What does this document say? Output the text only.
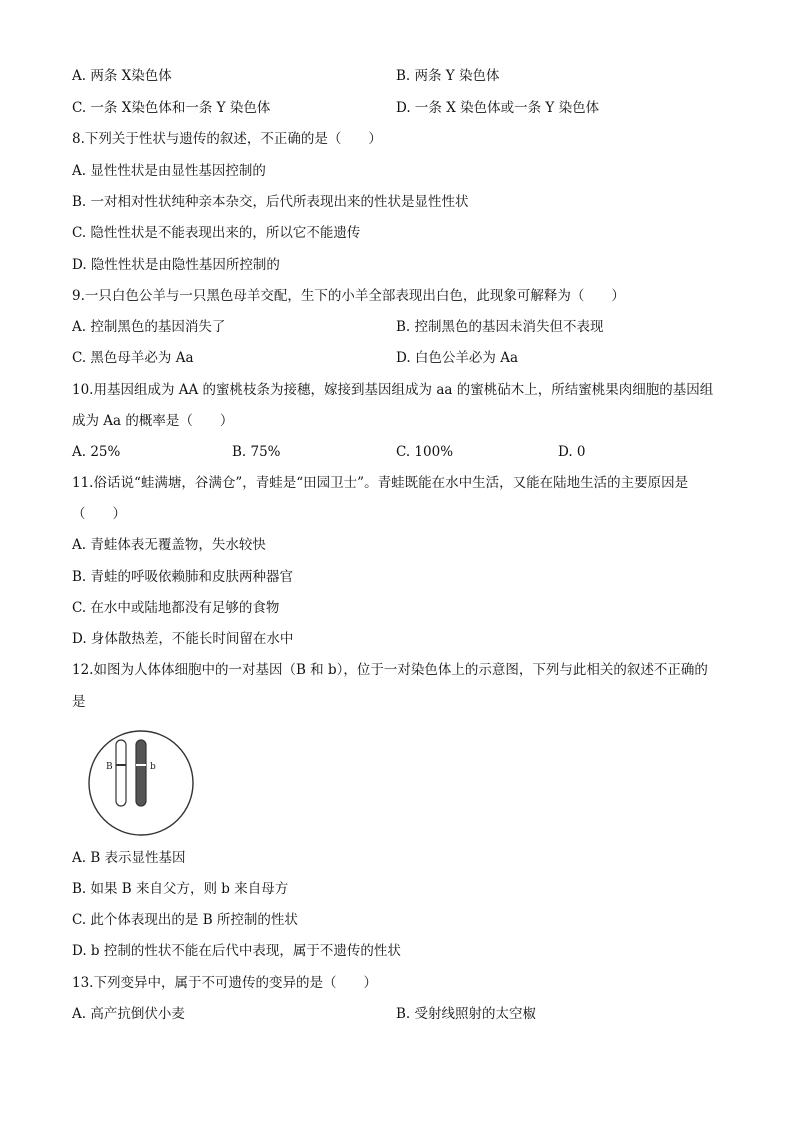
A. 两条 X染色体	B. 两条 Y 染色体
C. 一条 X染色体和一条 Y 染色体	D. 一条 X 染色体或一条 Y 染色体
8.下列关于性状与遗传的叙述，不正确的是（　　）
A. 显性性状是由显性基因控制的
B. 一对相对性状纯种亲本杂交，后代所表现出来的性状是显性性状
C. 隐性性状是不能表现出来的，所以它不能遗传
D. 隐性性状是由隐性基因所控制的
9.一只白色公羊与一只黑色母羊交配，生下的小羊全部表现出白色，此现象可解释为（　　）
A. 控制黑色的基因消失了	B. 控制黑色的基因未消失但不表现
C. 黑色母羊必为 Aa	D. 白色公羊必为 Aa
10.用基因组成为 AA 的蜜桃枝条为接穗，嫁接到基因组成为 aa 的蜜桃砧木上，所结蜜桃果肉细胞的基因组
成为 Aa 的概率是（　　）
A. 25%	B. 75%	C. 100%	D. 0
11.俗话说“蛙满塘，谷满仓”，青蛙是“田园卫士”。青蛙既能在水中生活，又能在陆地生活的主要原因是
（　　）
A. 青蛙体表无覆盖物，失水较快
B. 青蛙的呼吸依赖肺和皮肤两种器官
C. 在水中或陆地都没有足够的食物
D. 身体散热差，不能长时间留在水中
12.如图为人体体细胞中的一对基因（B 和 b），位于一对染色体上的示意图，下列与此相关的叙述不正确的
是
B	b
A. B 表示显性基因
B. 如果 B 来自父方，则 b 来自母方
C. 此个体表现出的是 B 所控制的性状
D. b 控制的性状不能在后代中表现，属于不遗传的性状
13.下列变异中，属于不可遗传的变异的是（　　）
A. 高产抗倒伏小麦	B. 受射线照射的太空椒
